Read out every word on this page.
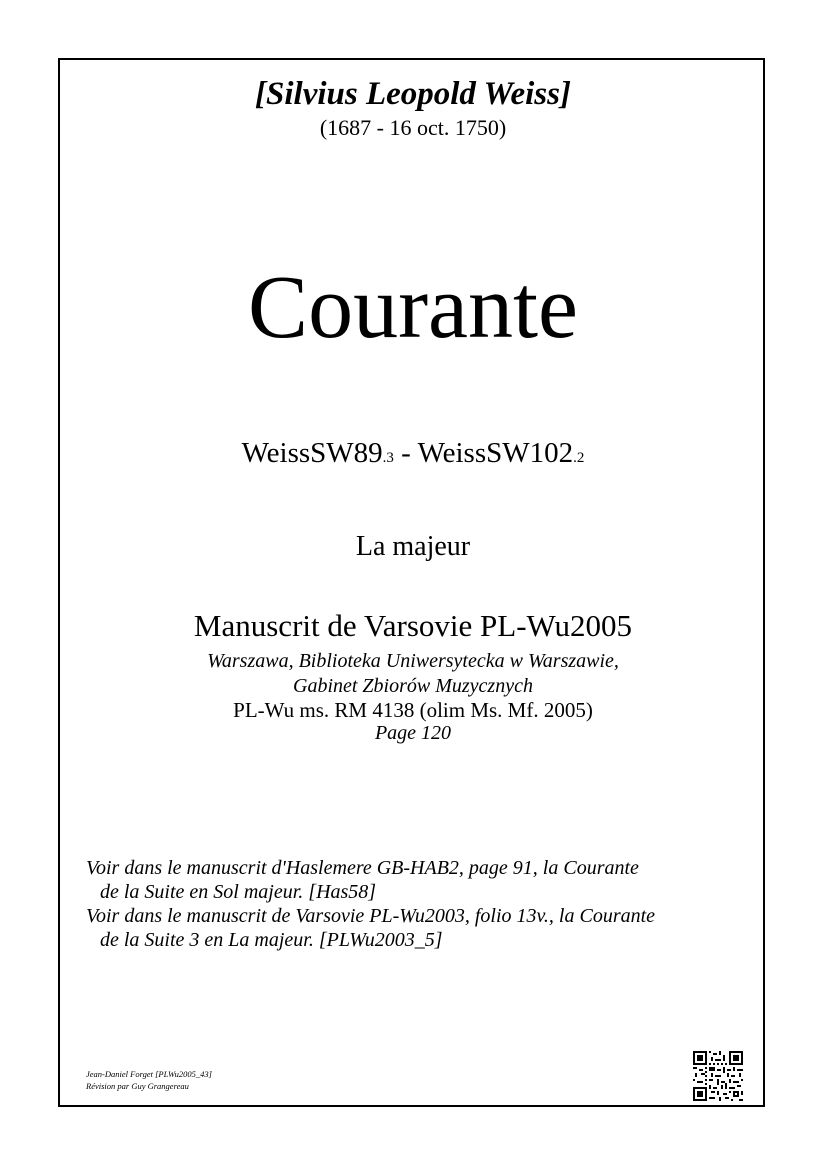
[Silvius Leopold Weiss]
(1687 - 16 oct. 1750)
Courante
WeissSW89.3 - WeissSW102.2
La majeur
Manuscrit de Varsovie PL-Wu2005
Warszawa, Biblioteka Uniwersytecka w Warszawie,
Gabinet Zbiorów Muzycznych
PL-Wu ms. RM 4138 (olim Ms. Mf. 2005)
Page 120

Voir dans le manuscrit d'Haslemere GB-HAB2, page 91, la Courante
de la Suite en Sol majeur. [Has58]

Voir dans le manuscrit de Varsovie PL-Wu2003, folio 13v., la Courante
de la Suite 3 en La majeur. [PLWu2003_5]

Jean-Daniel Forget [PLWu2005_43]
Révision par Guy Grangereau
